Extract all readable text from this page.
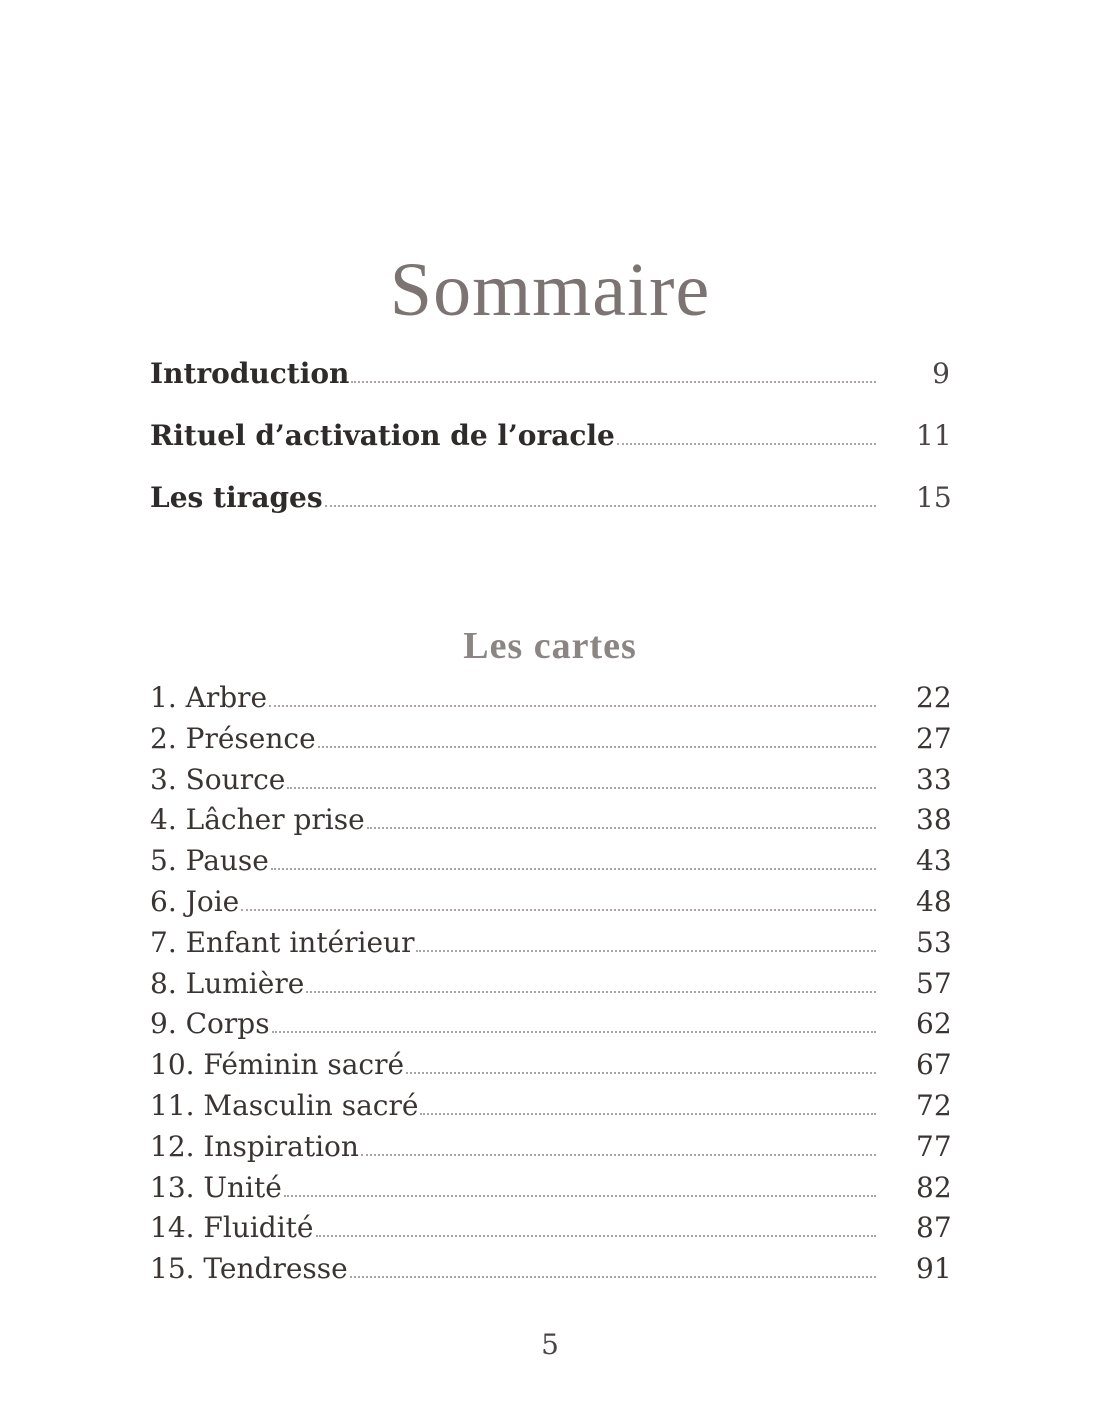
Sommaire
Introduction	9
Rituel d’activation de l’oracle	11
Les tirages	15
Les cartes
1. Arbre	22
2. Présence	27
3. Source	33
4. Lâcher prise	38
5. Pause	43
6. Joie	48
7. Enfant intérieur	53
8. Lumière	57
9. Corps	62
10. Féminin sacré	67
11. Masculin sacré	72
12. Inspiration	77
13. Unité	82
14. Fluidité	87
15. Tendresse	91
5
